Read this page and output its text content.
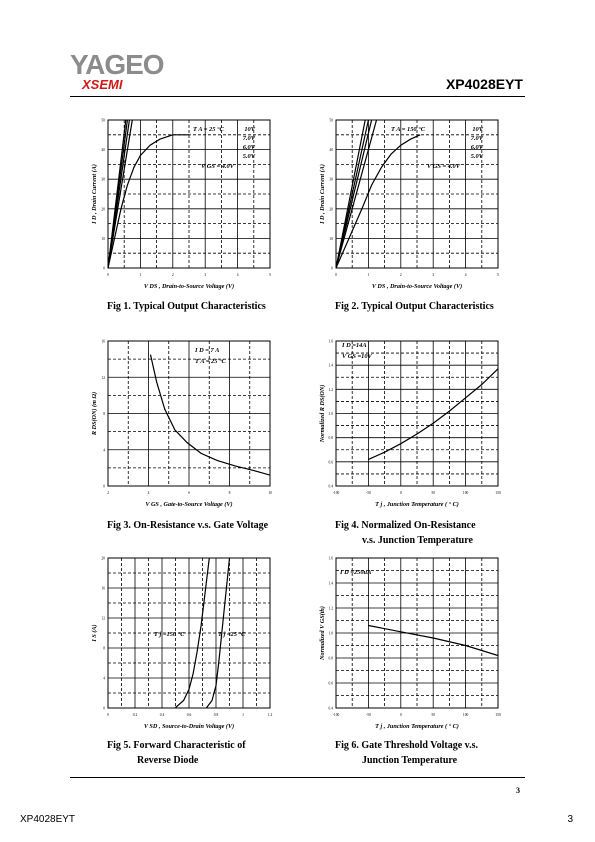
YAGEO
XSEMI	XP4028EYT
0	1	2	3	4	5
0
10
20
30
40
50
T A = 25 °C	10V
7.0V
6.0V
5.0V
V GS = 4.0V
V DS , Drain-to-Source Voltage (V)
I D , Drain Current (A)
0	1	2	3	4	5
0
10
20
30
40
50
T A = 150 °C	10V
7.0V
6.0V
5.0V
V GS = 4.0V
V DS , Drain-to-Source Voltage (V)
I D , Drain Current (A)
2	4	6	8	10
0
4
8
12
16
I D = 7 A
T A = 25 °C
V GS , Gate-to-Source Voltage (V)
R DS(ON) (m Ω)
-100	-50	0	50	100	150
0.4
0.6
0.8
1.0
1.2
1.4
1.6
I D =14A
V GS =10V
T j , Junction Temperature ( ° C)
Normalized R DS(ON)
0	0.2	0.4	0.6	0.8	1	1.2
0
4
8
12
16
20
T j =150 °C	T j =25 °C
V SD , Source-to-Drain Voltage (V)
I S (A)
-100	-50	0	50	100	150
0.4
0.6
0.8
1.0
1.2
1.4
1.6
I D =250uA
T j , Junction Temperature ( ° C)
Normalized V GS(th)
Fig 1. Typical Output Characteristics	Fig 2. Typical Output Characteristics
Fig 3. On-Resistance v.s. Gate Voltage	Fig 4. Normalized On-Resistance
v.s. Junction Temperature
Fig 5. Forward Characteristic of
Reverse Diode
Fig 6. Gate Threshold Voltage v.s.
Junction Temperature
3
XP4028EYT	3
